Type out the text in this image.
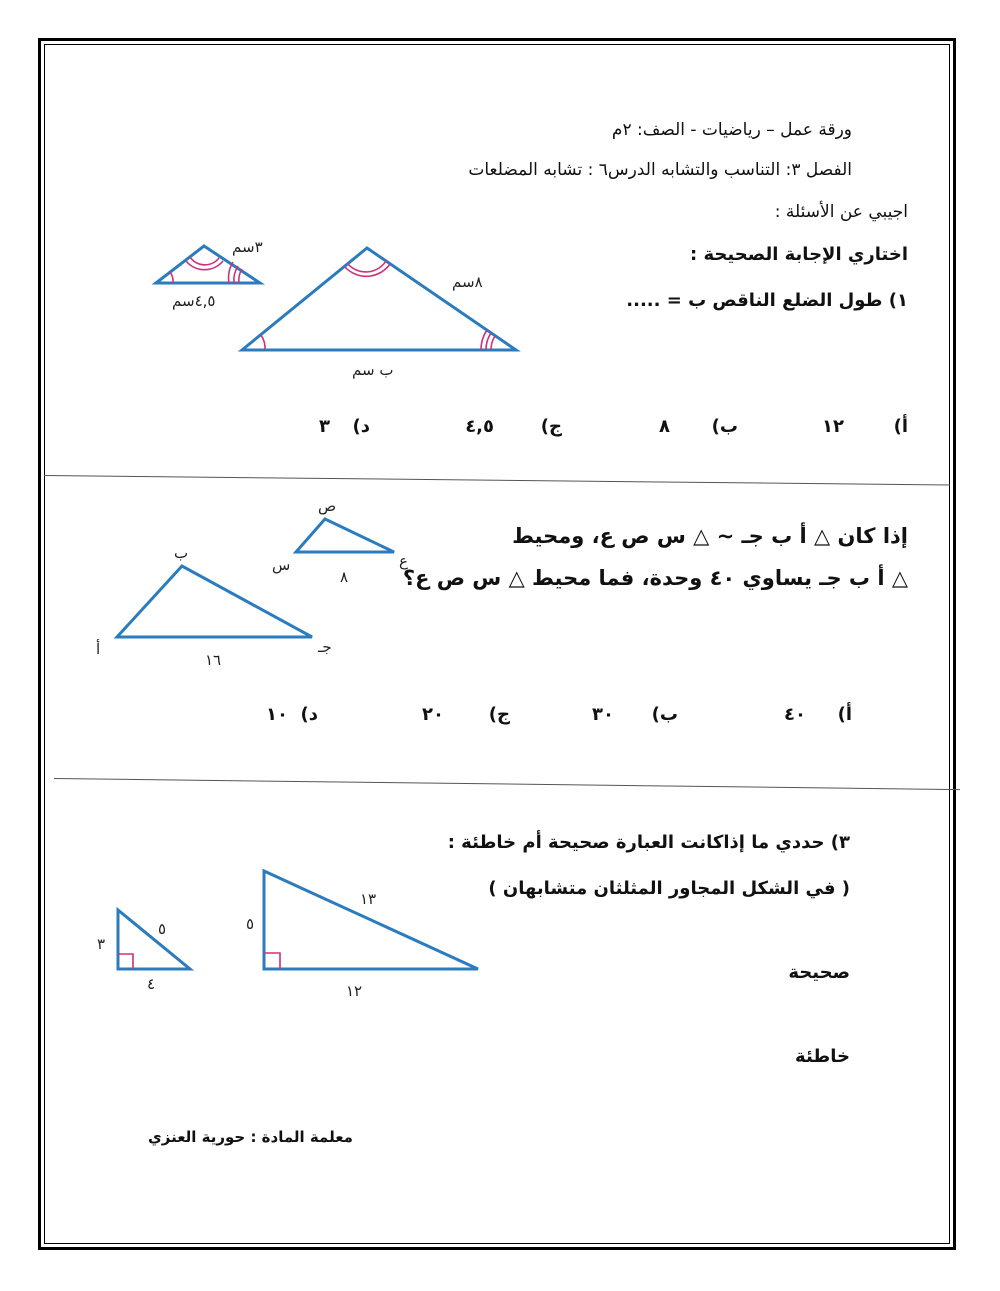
ورقة عمل – رياضيات - الصف: ٢م
الفصل ٣: التناسب والتشابه الدرس٦ : تشابه المضلعات
اجيبي عن الأسئلة :
اختاري الإجابة الصحيحة :
١) طول الضلع الناقص ب = .....
أ)
١٢
ب)
٨
ج)
٤,٥
د)
٣
إذا كان △ أ ب جـ ∽ △ س ص ع، ومحيط
△ أ ب جـ يساوي ٤٠ وحدة، فما محيط △ س ص ع؟
أ)
٤٠
ب)
٣٠
ج)
٢٠
د)
١٠
٣) حددي ما إذاكانت العبارة صحيحة أم خاطئة :
( في الشكل المجاور المثلثان متشابهان )
صحيحة
خاطئة
معلمة المادة : حورية العنزي
٣سم
٤,٥سم
٨سم
ب سم
ص
س	ع
٨
ب
أ	جـ
١٦
٣
٥
٤
٥
١٣
١٢
